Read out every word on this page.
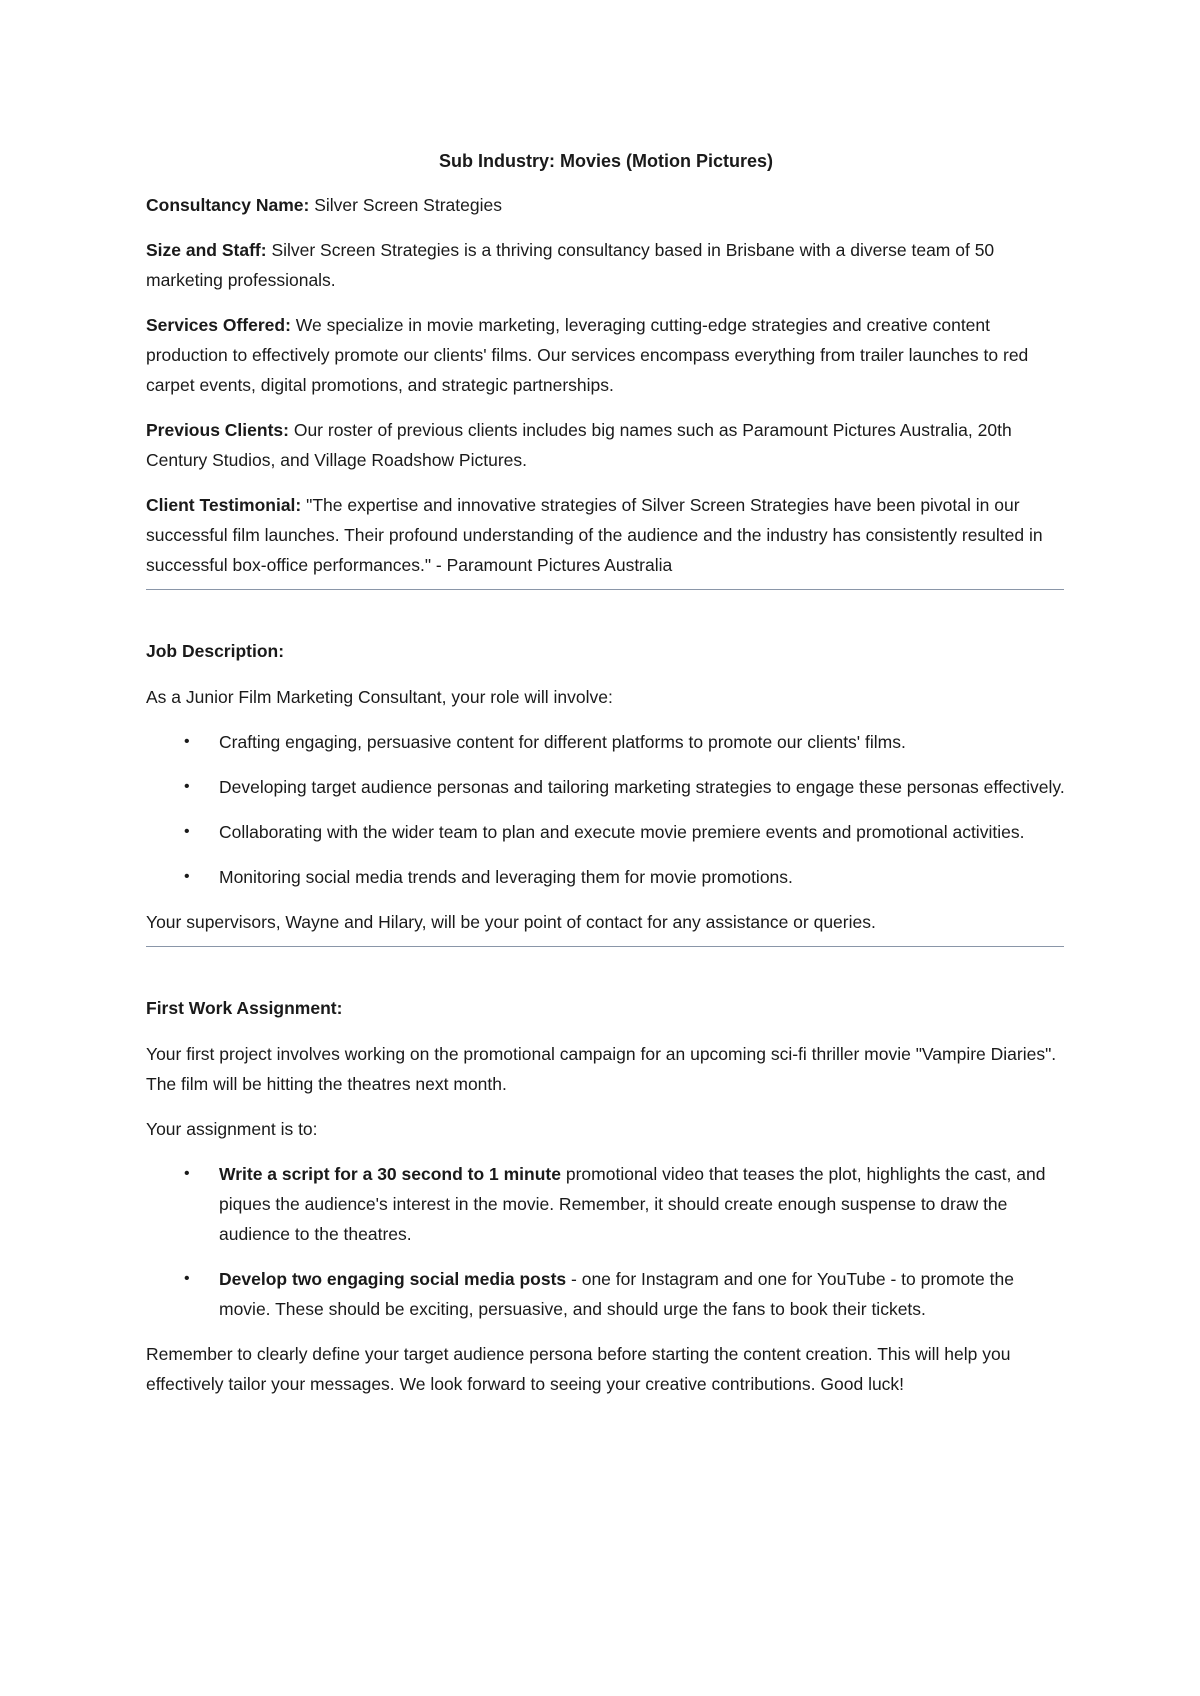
Sub Industry: Movies (Motion Pictures)

Consultancy Name: Silver Screen Strategies

Size and Staff: Silver Screen Strategies is a thriving consultancy based in Brisbane with a diverse team of 50 marketing professionals.

Services Offered: We specialize in movie marketing, leveraging cutting-edge strategies and creative content production to effectively promote our clients' films. Our services encompass everything from trailer launches to red carpet events, digital promotions, and strategic partnerships.

Previous Clients: Our roster of previous clients includes big names such as Paramount Pictures Australia, 20th Century Studios, and Village Roadshow Pictures.

Client Testimonial: "The expertise and innovative strategies of Silver Screen Strategies have been pivotal in our successful film launches. Their profound understanding of the audience and the industry has consistently resulted in successful box-office performances." - Paramount Pictures Australia

Job Description:

As a Junior Film Marketing Consultant, your role will involve:

• Crafting engaging, persuasive content for different platforms to promote our clients' films.
• Developing target audience personas and tailoring marketing strategies to engage these personas effectively.
• Collaborating with the wider team to plan and execute movie premiere events and promotional activities.
• Monitoring social media trends and leveraging them for movie promotions.

Your supervisors, Wayne and Hilary, will be your point of contact for any assistance or queries.

First Work Assignment:

Your first project involves working on the promotional campaign for an upcoming sci-fi thriller movie "Vampire Diaries". The film will be hitting the theatres next month.

Your assignment is to:

• Write a script for a 30 second to 1 minute promotional video that teases the plot, highlights the cast, and piques the audience's interest in the movie. Remember, it should create enough suspense to draw the audience to the theatres.
• Develop two engaging social media posts - one for Instagram and one for YouTube - to promote the movie. These should be exciting, persuasive, and should urge the fans to book their tickets.

Remember to clearly define your target audience persona before starting the content creation. This will help you effectively tailor your messages. We look forward to seeing your creative contributions. Good luck!
